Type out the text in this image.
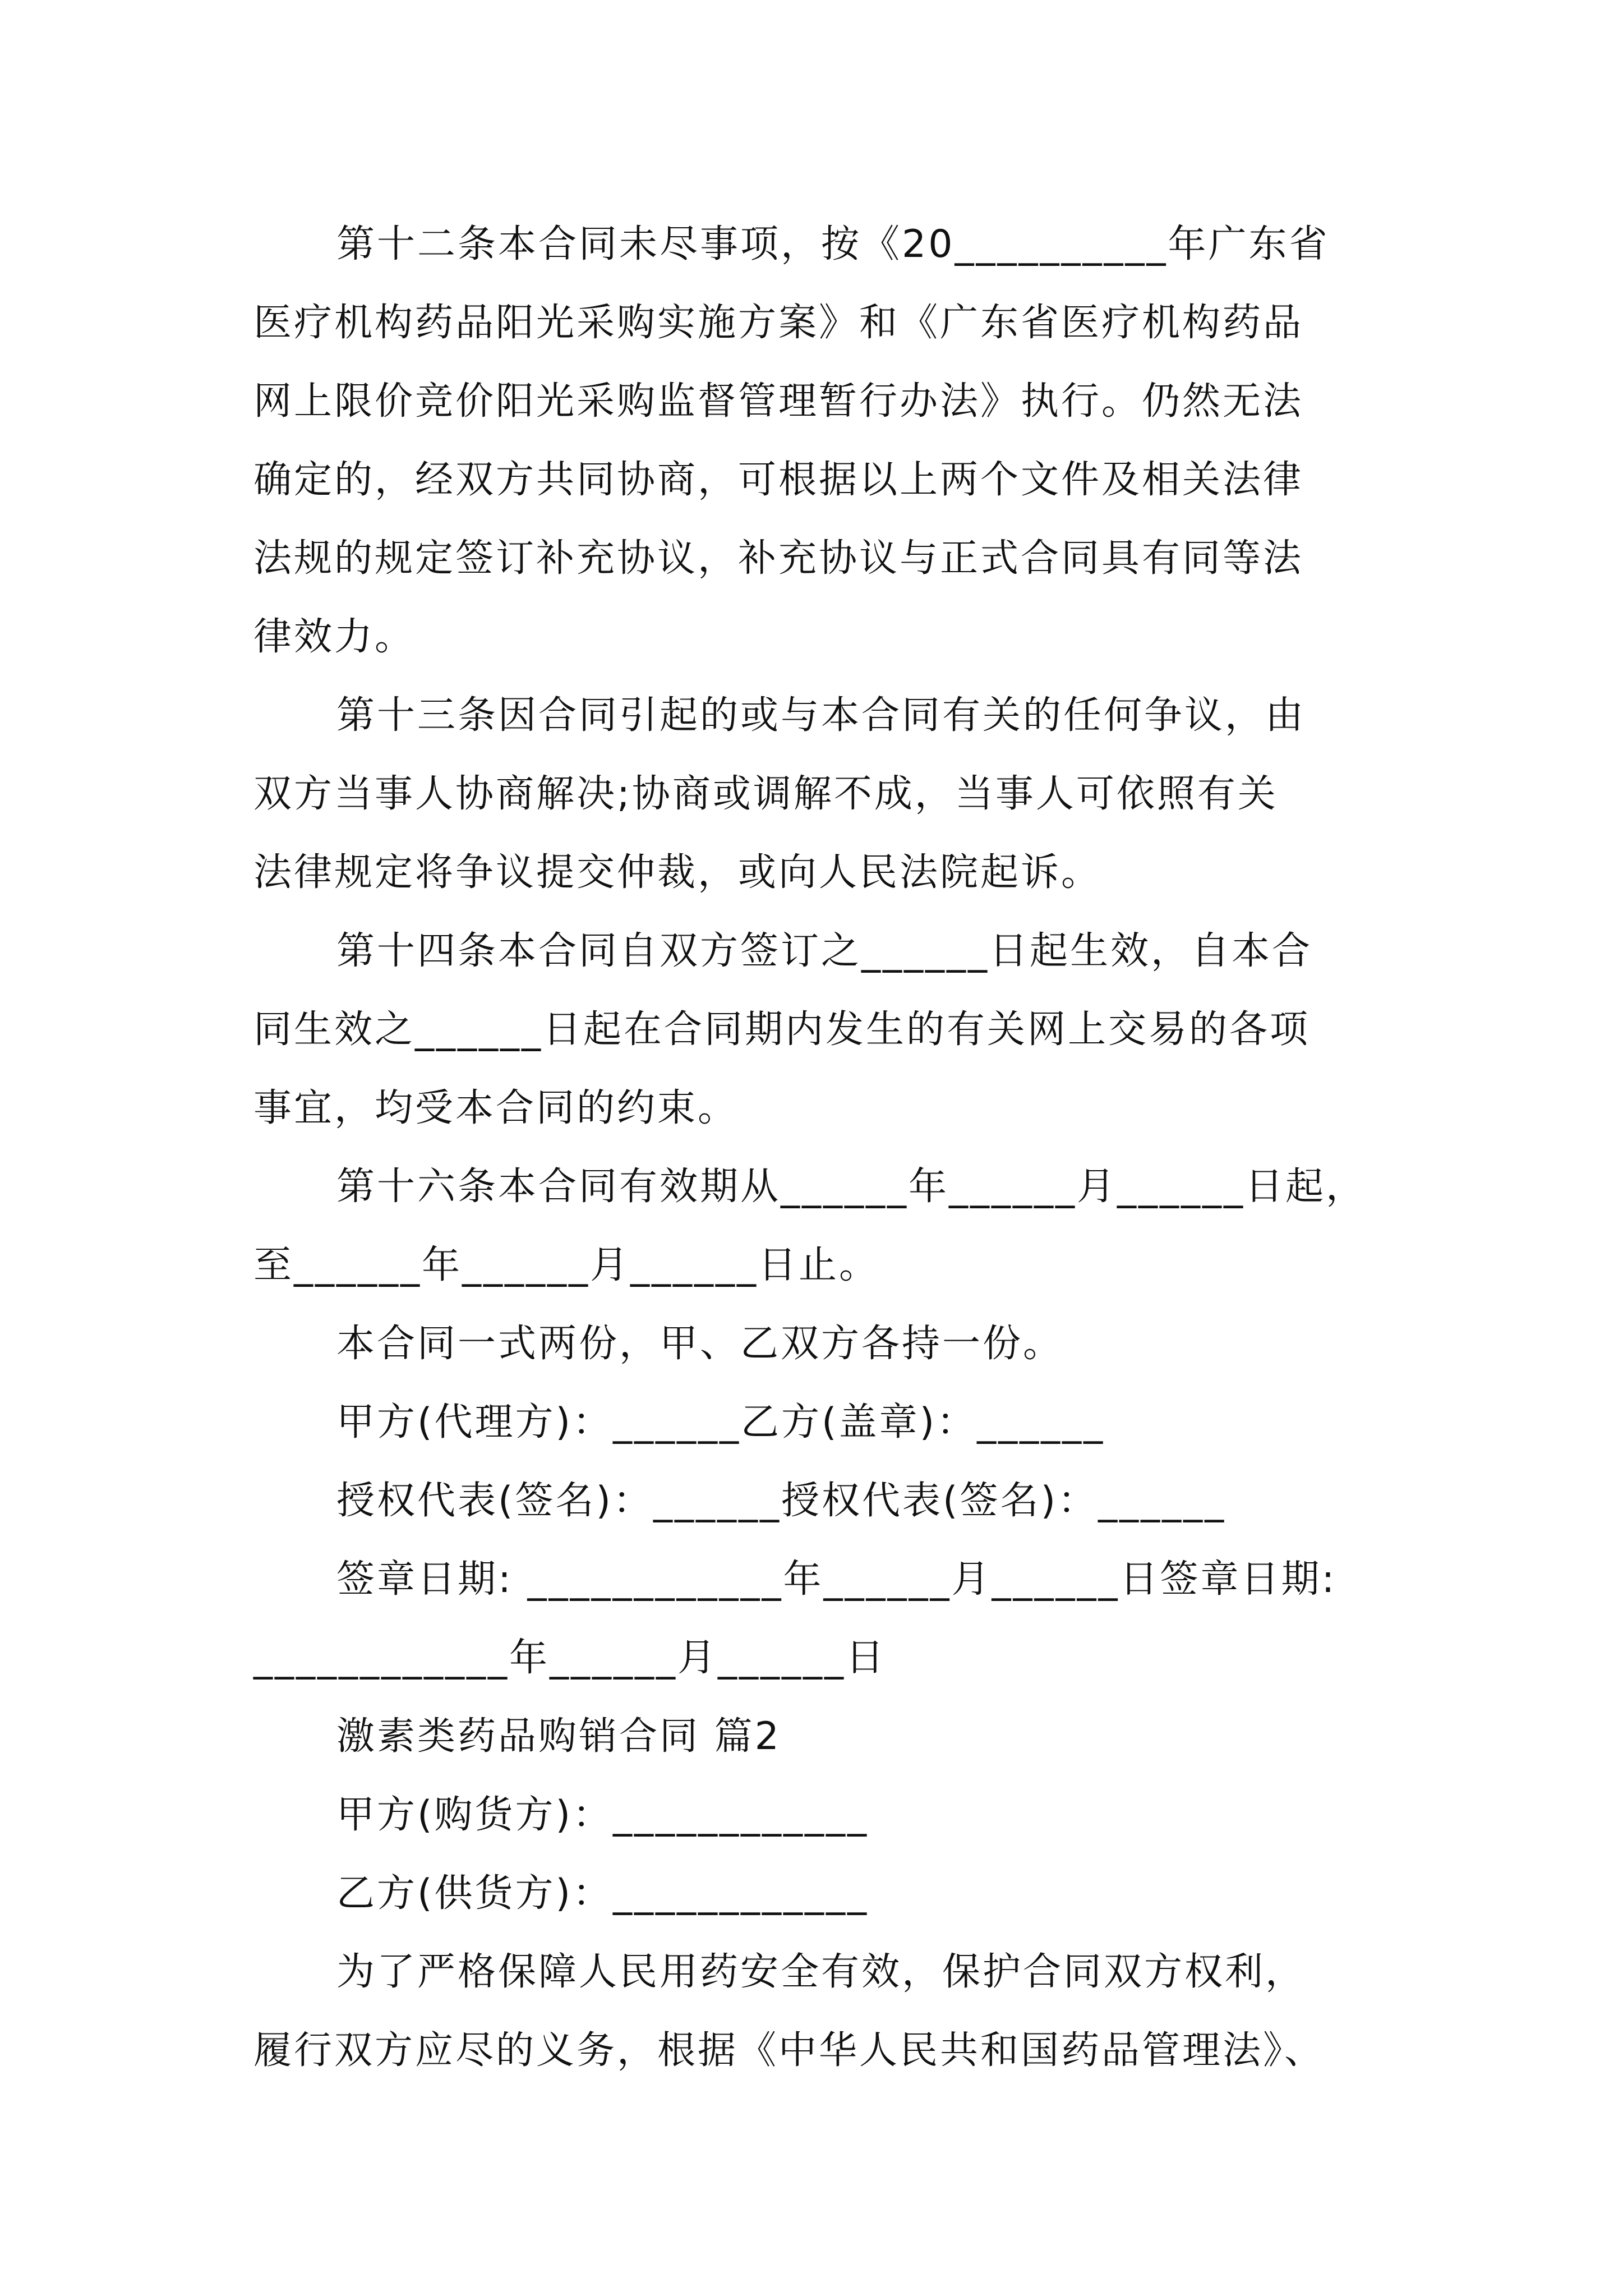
第十二条本合同未尽事项，按《20__________年广东省
医疗机构药品阳光采购实施方案》和《广东省医疗机构药品
网上限价竞价阳光采购监督管理暂行办法》执行。仍然无法
确定的，经双方共同协商，可根据以上两个文件及相关法律
法规的规定签订补充协议，补充协议与正式合同具有同等法
律效力。
第十三条因合同引起的或与本合同有关的任何争议，由
双方当事人协商解决;协商或调解不成，当事人可依照有关
法律规定将争议提交仲裁，或向人民法院起诉。
第十四条本合同自双方签订之______日起生效，自本合
同生效之______日起在合同期内发生的有关网上交易的各项
事宜，均受本合同的约束。
第十六条本合同有效期从______年______月______日起，
至______年______月______日止。
本合同一式两份，甲、乙双方各持一份。
甲方(代理方)：______乙方(盖章)：______
授权代表(签名)：______授权代表(签名)：______
签章日期: ____________年______月______日签章日期:
____________年______月______日
激素类药品购销合同 篇2
甲方(购货方)：____________
乙方(供货方)：____________
为了严格保障人民用药安全有效，保护合同双方权利，
履行双方应尽的义务，根据《中华人民共和国药品管理法》、
